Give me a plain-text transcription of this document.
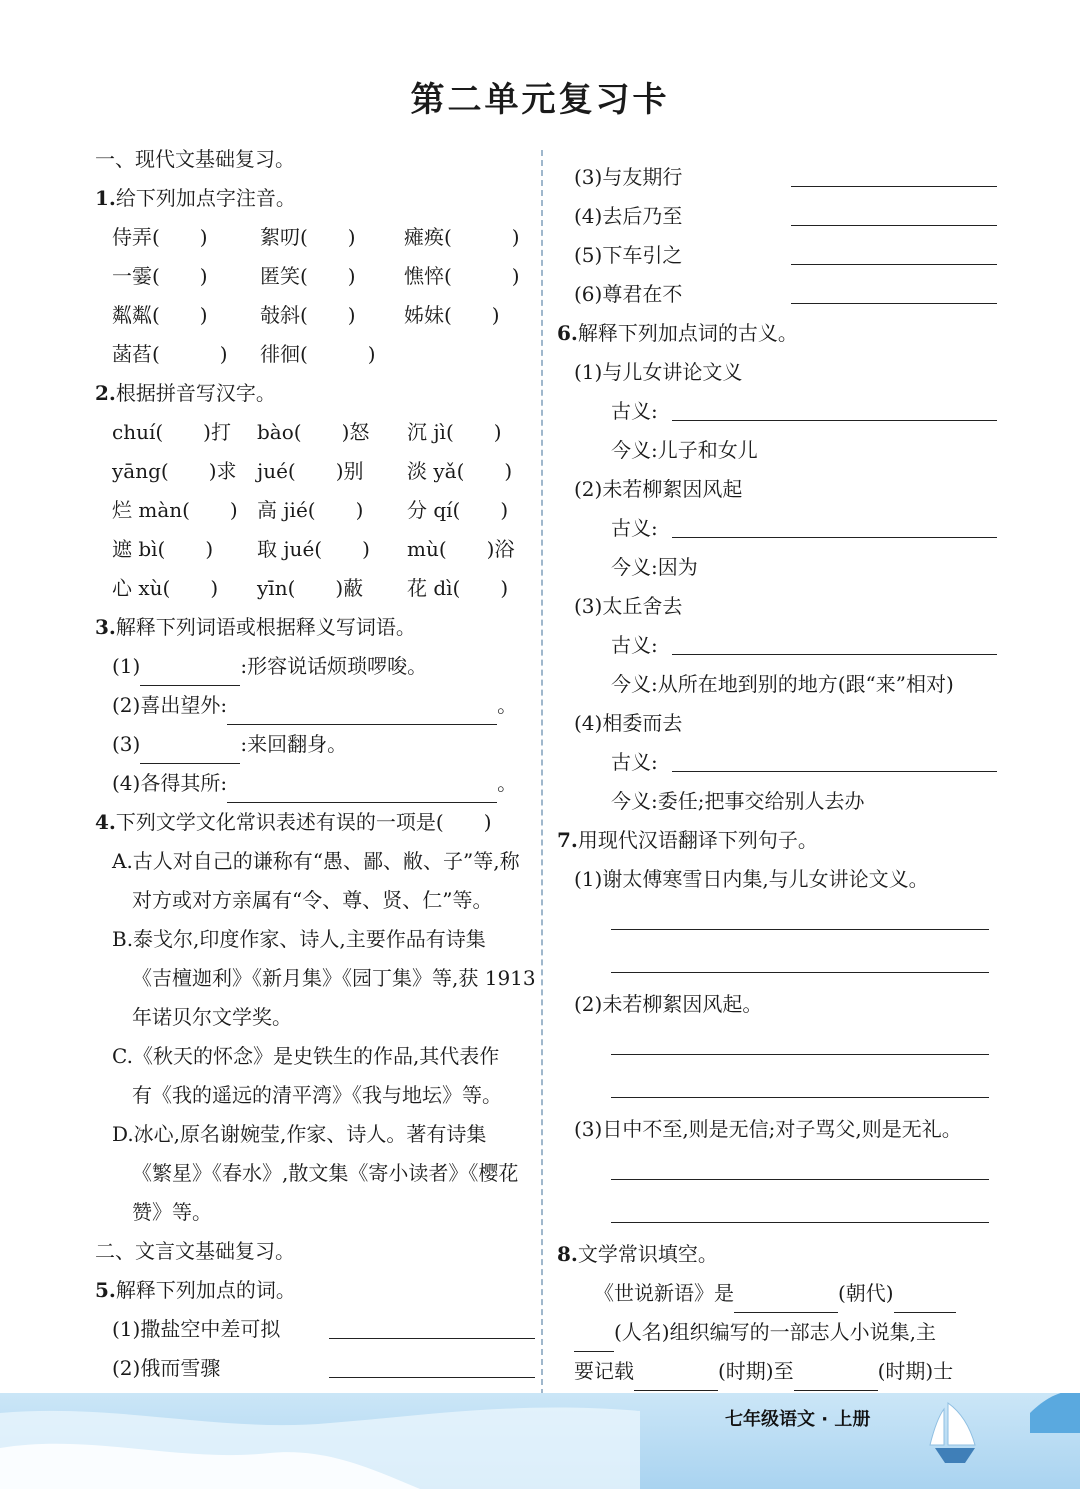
第二单元复习卡
一、现代文基础复习。
1.给下列加点字注音。
侍弄(　　)	絮叨(　　) 瘫痪(　　　)
一霎(　　)	匿笑(　　) 憔悴(　　　)
粼粼(　　)	攲斜(　　) 姊妹(　　)
菡萏(　　　) 徘徊(　　　)
2.根据拼音写汉字。
chuí(　　)打 bào(　　)怒 沉 jì(　　)
yāng(　　)求 jué(　　)别 淡 yǎ(　　)
烂 màn(　　) 高 jié(　　) 分 qí(　　)
遮 bì(　　) 取 jué(　　) mù(　　)浴
心 xù(　　) yīn(　　)蔽 花 dì(　　)
3.解释下列词语或根据释义写词语。
(1)	:形容说话烦琐啰唆。
(2)喜出望外:	。
(3)	:来回翻身。
(4)各得其所:	。
4.下列文学文化常识表述有误的一项是(　　)
A.古人对自己的谦称有“愚、鄙、敝、子”等,称
对方或对方亲属有“令、尊、贤、仁”等。
B.泰戈尔,印度作家、诗人,主要作品有诗集
《吉檀迦利》《新月集》《园丁集》等,获 1913
年诺贝尔文学奖。
C.《秋天的怀念》是史铁生的作品,其代表作
有《我的遥远的清平湾》《我与地坛》等。
D.冰心,原名谢婉莹,作家、诗人。著有诗集
《繁星》《春水》,散文集《寄小读者》《樱花
赞》等。
二、文言文基础复习。
5.解释下列加点的词。
(1)撒盐空中差可拟
(2)俄而雪骤
(3)与友期行
(4)去后乃至
(5)下车引之
(6)尊君在不
6.解释下列加点词的古义。
(1)与儿女讲论文义
古义:
今义:儿子和女儿
(2)未若柳絮因风起
古义:
今义:因为
(3)太丘舍去
古义:
今义:从所在地到别的地方(跟“来”相对)
(4)相委而去
古义:
今义:委任;把事交给别人去办
7.用现代汉语翻译下列句子。
(1)谢太傅寒雪日内集,与儿女讲论文义。
(2)未若柳絮因风起。
(3)日中不至,则是无信;对子骂父,则是无礼。
8.文学常识填空。
《世说新语》是	(朝代)
(人名)组织编写的一部志人小说集,主
要记载	(时期)至	(时期)士
七年级语文 · 上册
